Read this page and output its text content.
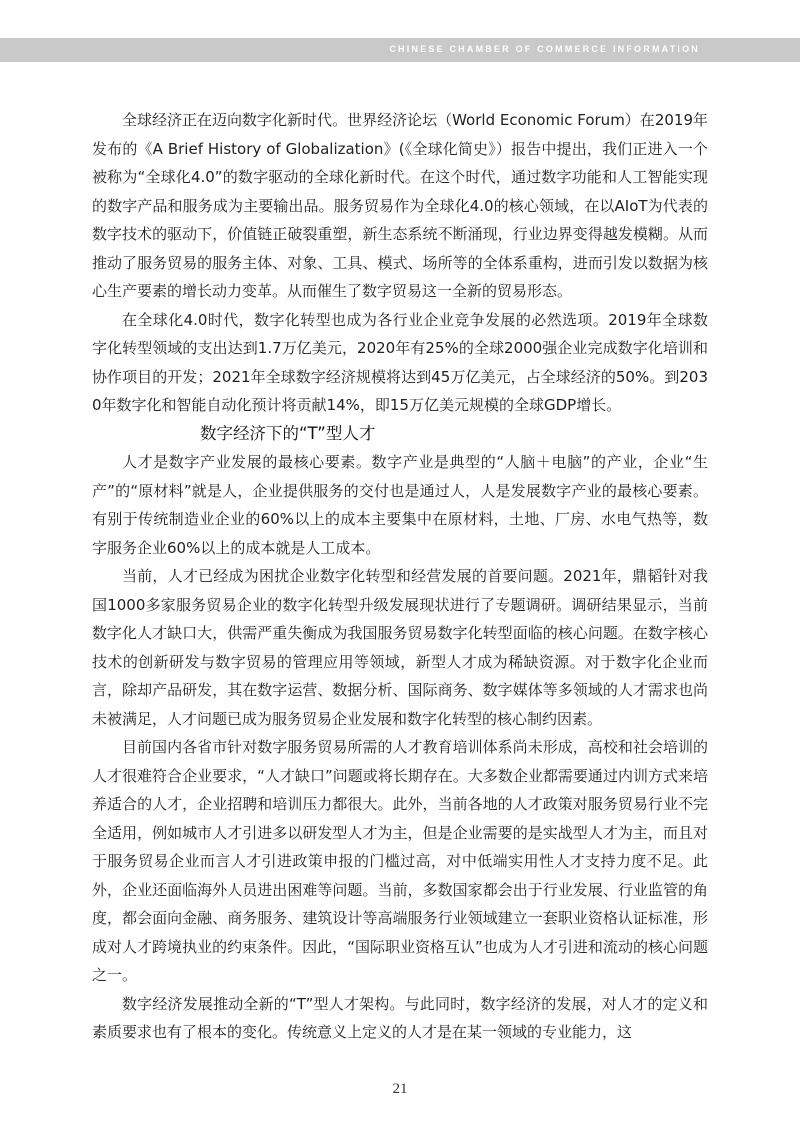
CHINESE CHAMBER OF COMMERCE INFORMATION

全球经济正在迈向数字化新时代。世界经济论坛（World Economic Forum）在2019年发布的《A Brief History of Globalization》(《全球化简史》）报告中提出，我们正进入一个被称为“全球化4.0”的数字驱动的全球化新时代。在这个时代，通过数字功能和人工智能实现的数字产品和服务成为主要输出品。服务贸易作为全球化4.0的核心领域，在以AIoT为代表的数字技术的驱动下，价值链正破裂重塑，新生态系统不断涌现，行业边界变得越发模糊。从而推动了服务贸易的服务主体、对象、工具、模式、场所等的全体系重构，进而引发以数据为核心生产要素的增长动力变革。从而催生了数字贸易这一全新的贸易形态。

在全球化4.0时代，数字化转型也成为各行业企业竞争发展的必然选项。2019年全球数字化转型领域的支出达到1.7万亿美元，2020年有25%的全球2000强企业完成数字化培训和协作项目的开发；2021年全球数字经济规模将达到45万亿美元，占全球经济的50%。到2030年数字化和智能自动化预计将贡献14%，即15万亿美元规模的全球GDP增长。

数字经济下的“T”型人才

人才是数字产业发展的最核心要素。数字产业是典型的“人脑＋电脑”的产业，企业“生产”的“原材料”就是人，企业提供服务的交付也是通过人，人是发展数字产业的最核心要素。有别于传统制造业企业的60%以上的成本主要集中在原材料，土地、厂房、水电气热等，数字服务企业60%以上的成本就是人工成本。

当前，人才已经成为困扰企业数字化转型和经营发展的首要问题。2021年，鼎韬针对我国1000多家服务贸易企业的数字化转型升级发展现状进行了专题调研。调研结果显示，当前数字化人才缺口大，供需严重失衡成为我国服务贸易数字化转型面临的核心问题。在数字核心技术的创新研发与数字贸易的管理应用等领域，新型人才成为稀缺资源。对于数字化企业而言，除却产品研发，其在数字运营、数据分析、国际商务、数字媒体等多领域的人才需求也尚未被满足，人才问题已成为服务贸易企业发展和数字化转型的核心制约因素。

目前国内各省市针对数字服务贸易所需的人才教育培训体系尚未形成，高校和社会培训的人才很难符合企业要求，“人才缺口”问题或将长期存在。大多数企业都需要通过内训方式来培养适合的人才，企业招聘和培训压力都很大。此外，当前各地的人才政策对服务贸易行业不完全适用，例如城市人才引进多以研发型人才为主，但是企业需要的是实战型人才为主，而且对于服务贸易企业而言人才引进政策申报的门槛过高，对中低端实用性人才支持力度不足。此外，企业还面临海外人员进出困难等问题。当前，多数国家都会出于行业发展、行业监管的角度，都会面向金融、商务服务、建筑设计等高端服务行业领域建立一套职业资格认证标准，形成对人才跨境执业的约束条件。因此，“国际职业资格互认”也成为人才引进和流动的核心问题之一。

数字经济发展推动全新的“T”型人才架构。与此同时，数字经济的发展，对人才的定义和素质要求也有了根本的变化。传统意义上定义的人才是在某一领域的专业能力，这

21
